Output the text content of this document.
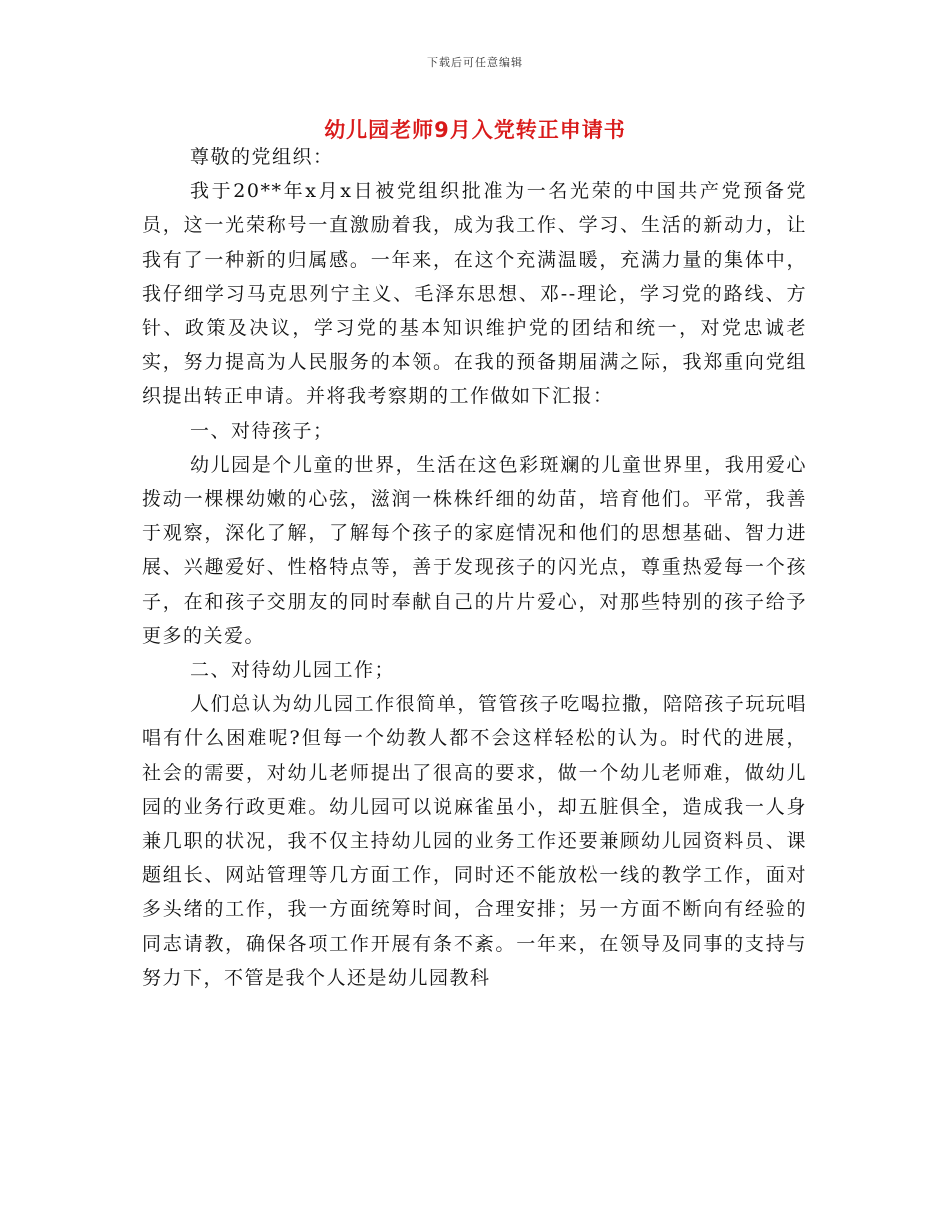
下载后可任意编辑
幼儿园老师9月入党转正申请书

尊敬的党组织：

我于20**年x月x日被党组织批准为一名光荣的中国共产党预备党员，这一光荣称号一直激励着我，成为我工作、学习、生活的新动力，让我有了一种新的归属感。一年来，在这个充满温暖，充满力量的集体中，我仔细学习马克思列宁主义、毛泽东思想、邓--理论，学习党的路线、方针、政策及决议，学习党的基本知识维护党的团结和统一，对党忠诚老实，努力提高为人民服务的本领。在我的预备期届满之际，我郑重向党组织提出转正申请。并将我考察期的工作做如下汇报：

一、对待孩子；

幼儿园是个儿童的世界，生活在这色彩斑斓的儿童世界里，我用爱心拨动一棵棵幼嫩的心弦，滋润一株株纤细的幼苗，培育他们。平常，我善于观察，深化了解，了解每个孩子的家庭情况和他们的思想基础、智力进展、兴趣爱好、性格特点等，善于发现孩子的闪光点，尊重热爱每一个孩子，在和孩子交朋友的同时奉献自己的片片爱心，对那些特别的孩子给予更多的关爱。

二、对待幼儿园工作；

人们总认为幼儿园工作很简单，管管孩子吃喝拉撒，陪陪孩子玩玩唱唱有什么困难呢?但每一个幼教人都不会这样轻松的认为。时代的进展，社会的需要，对幼儿老师提出了很高的要求，做一个幼儿老师难，做幼儿园的业务行政更难。幼儿园可以说麻雀虽小，却五脏俱全，造成我一人身兼几职的状况，我不仅主持幼儿园的业务工作还要兼顾幼儿园资料员、课题组长、网站管理等几方面工作，同时还不能放松一线的教学工作，面对多头绪的工作，我一方面统筹时间，合理安排；另一方面不断向有经验的同志请教，确保各项工作开展有条不紊。一年来，在领导及同事的支持与努力下，不管是我个人还是幼儿园教科
